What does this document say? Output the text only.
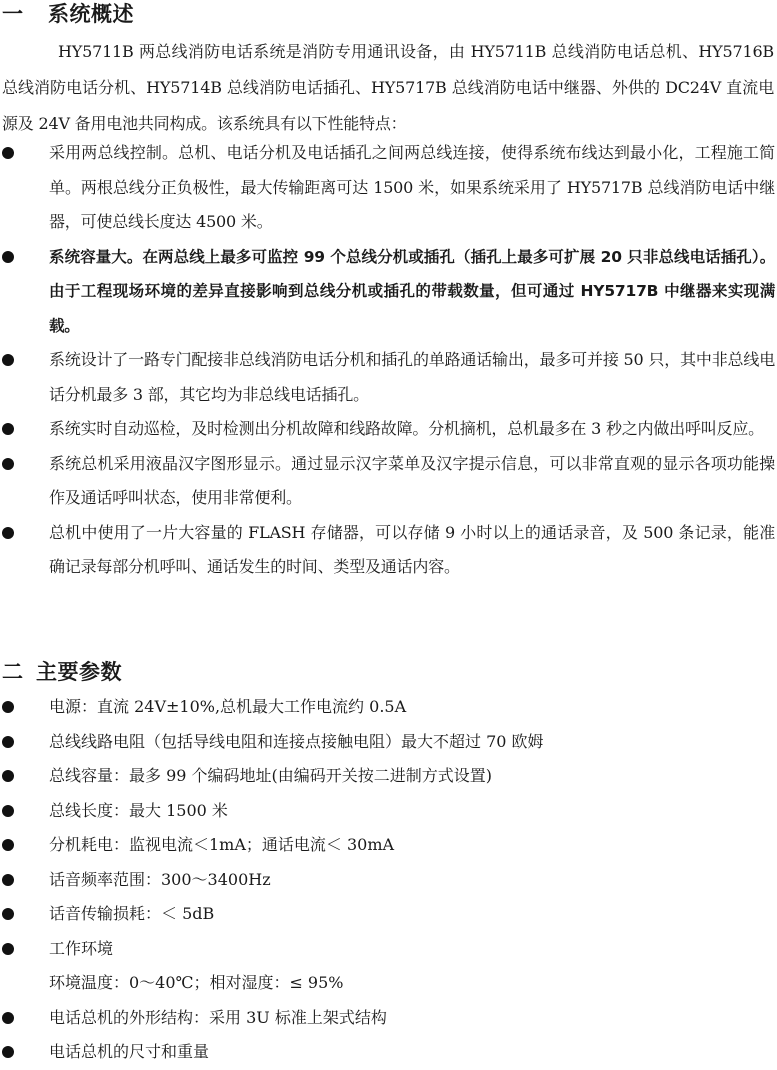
一 系统概述

HY5711B 两总线消防电话系统是消防专用通讯设备，由 HY5711B 总线消防电话总机、HY5716B 总线消防电话分机、HY5714B 总线消防电话插孔、HY5717B 总线消防电话中继器、外供的 DC24V 直流电源及 24V 备用电池共同构成。该系统具有以下性能特点：

采用两总线控制。总机、电话分机及电话插孔之间两总线连接，使得系统布线达到最小化，工程施工简单。两根总线分正负极性，最大传输距离可达 1500 米，如果系统采用了 HY5717B 总线消防电话中继器，可使总线长度达 4500 米。
系统容量大。在两总线上最多可监控 99 个总线分机或插孔（插孔上最多可扩展 20 只非总线电话插孔）。由于工程现场环境的差异直接影响到总线分机或插孔的带载数量，但可通过 HY5717B 中继器来实现满载。
系统设计了一路专门配接非总线消防电话分机和插孔的单路通话输出，最多可并接 50 只，其中非总线电话分机最多 3 部，其它均为非总线电话插孔。
系统实时自动巡检，及时检测出分机故障和线路故障。分机摘机，总机最多在 3 秒之内做出呼叫反应。
系统总机采用液晶汉字图形显示。通过显示汉字菜单及汉字提示信息，可以非常直观的显示各项功能操作及通话呼叫状态，使用非常便利。
总机中使用了一片大容量的 FLASH 存储器，可以存储 9 小时以上的通话录音，及 500 条记录，能准确记录每部分机呼叫、通话发生的时间、类型及通话内容。
二 主要参数
电源：直流 24V±10%,总机最大工作电流约 0.5A
总线线路电阻（包括导线电阻和连接点接触电阻）最大不超过 70 欧姆
总线容量：最多 99 个编码地址(由编码开关按二进制方式设置)
总线长度：最大 1500 米
分机耗电：监视电流＜1mA；通话电流＜ 30mA
话音频率范围：300～3400Hz
话音传输损耗：＜ 5dB
工作环境
环境温度：0～40℃；相对湿度：≤ 95%
电话总机的外形结构：采用 3U 标准上架式结构
电话总机的尺寸和重量
